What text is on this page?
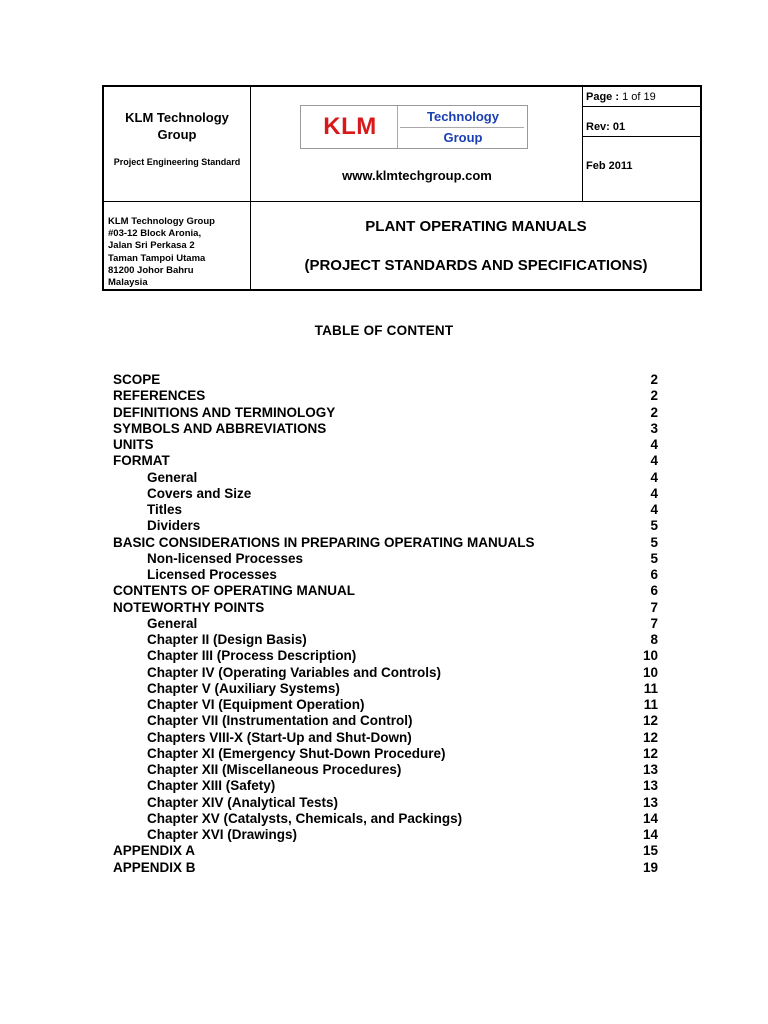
KLM Technology Group
Project Engineering Standard
KLM	Technology
Group
www.klmtechgroup.com
Page : 1 of 19
Rev: 01
Feb 2011
KLM Technology Group
#03-12 Block Aronia,
Jalan Sri Perkasa 2
Taman Tampoi Utama
81200 Johor Bahru
Malaysia
PLANT OPERATING MANUALS
(PROJECT STANDARDS AND SPECIFICATIONS)
TABLE OF CONTENT
SCOPE	2
REFERENCES	2
DEFINITIONS AND TERMINOLOGY	2
SYMBOLS AND ABBREVIATIONS	3
UNITS	4
FORMAT	4
General	4
Covers and Size	4
Titles	4
Dividers	5
BASIC CONSIDERATIONS IN PREPARING OPERATING MANUALS	5
Non-licensed Processes	5
Licensed Processes	6
CONTENTS OF OPERATING MANUAL	6
NOTEWORTHY POINTS	7
General	7
Chapter II (Design Basis)	8
Chapter III (Process Description)	10
Chapter IV (Operating Variables and Controls)	10
Chapter V (Auxiliary Systems)	11
Chapter VI (Equipment Operation)	11
Chapter VII (Instrumentation and Control)	12
Chapters VIII-X (Start-Up and Shut-Down)	12
Chapter XI (Emergency Shut-Down Procedure)	12
Chapter XII (Miscellaneous Procedures)	13
Chapter XIII (Safety)	13
Chapter XIV (Analytical Tests)	13
Chapter XV (Catalysts, Chemicals, and Packings)	14
Chapter XVI (Drawings)	14
APPENDIX A	15
APPENDIX B	19
